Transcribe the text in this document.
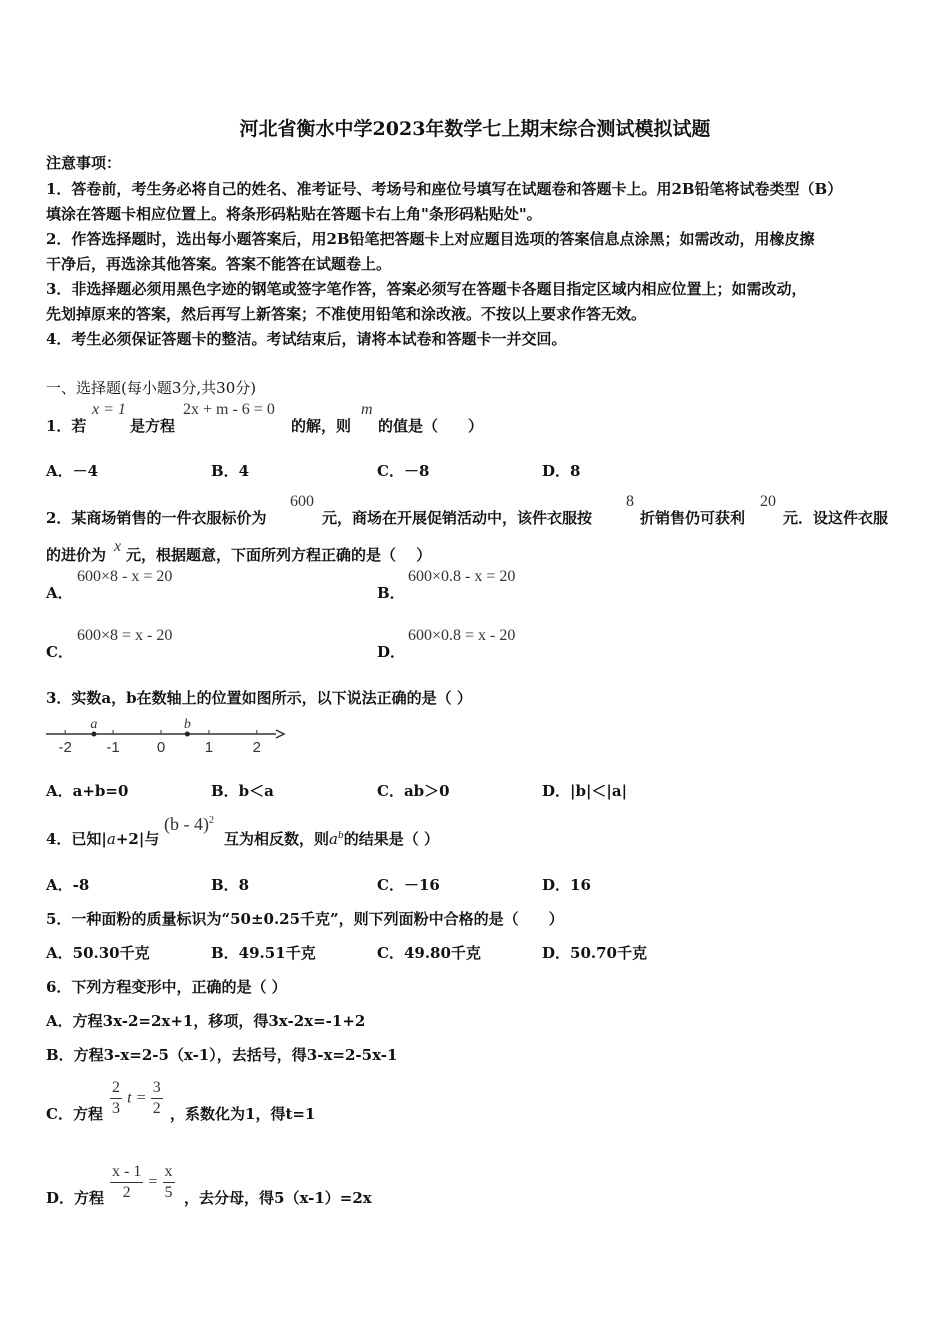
河北省衡水中学2023年数学七上期末综合测试模拟试题
注意事项：
1．答卷前，考生务必将自己的姓名、准考证号、考场号和座位号填写在试题卷和答题卡上。用2B铅笔将试卷类型（B）
填涂在答题卡相应位置上。将条形码粘贴在答题卡右上角"条形码粘贴处"。
2．作答选择题时，选出每小题答案后，用2B铅笔把答题卡上对应题目选项的答案信息点涂黑；如需改动，用橡皮擦
干净后，再选涂其他答案。答案不能答在试题卷上。
3．非选择题必须用黑色字迹的钢笔或签字笔作答，答案必须写在答题卡各题目指定区域内相应位置上；如需改动，
先划掉原来的答案，然后再写上新答案；不准使用铅笔和涂改液。不按以上要求作答无效。
4．考生必须保证答题卡的整洁。考试结束后，请将本试卷和答题卡一并交回。
一、选择题(每小题3分,共30分)
1．若
x = 1
是方程
2x + m - 6 = 0
的解，则
m
的值是（　　）
A．－4	B．4	C．－8	D．8
2．某商场销售的一件衣服标价为
600
元，商场在开展促销活动中，该件衣服按
8
折销售仍可获利
20
元．设这件衣服
的进价为 x 元，根据题意，下面所列方程正确的是（　 ）
A．
600×8 - x = 20
B．
600×0.8 - x = 20
C．
600×8 = x - 20
D．
600×0.8 = x - 20
3．实数a，b在数轴上的位置如图所示，以下说法正确的是（ ）
-2 -1 0	1	2
a	b
A．a+b=0	B．b＜a	C．ab＞0	D．|b|＜|a|
4．已知|a+2|与
(b - 4)$^2$
互为相反数，则$a^b$的结果是（ ）
A．-8	B．8	C．－16	D．16
5．一种面粉的质量标识为“50±0.25千克”，则下列面粉中合格的是（　　）
A．50.30千克	B．49.51千克	C．49.80千克	D．50.70千克
6．下列方程变形中，正确的是（ ）
A．方程3x-2=2x+1，移项，得3x-2x=-1+2
B．方程3-x=2-5（x-1），去括号，得3-x=2-5x-1
C．方程 $\frac{2}{3}$ $t = \frac{3}{2}$ ，系数化为1，得t=1
D．方程 $\frac{x - 1}{2} = \frac{x}{5}$ ，去分母，得5（x-1）=2x
